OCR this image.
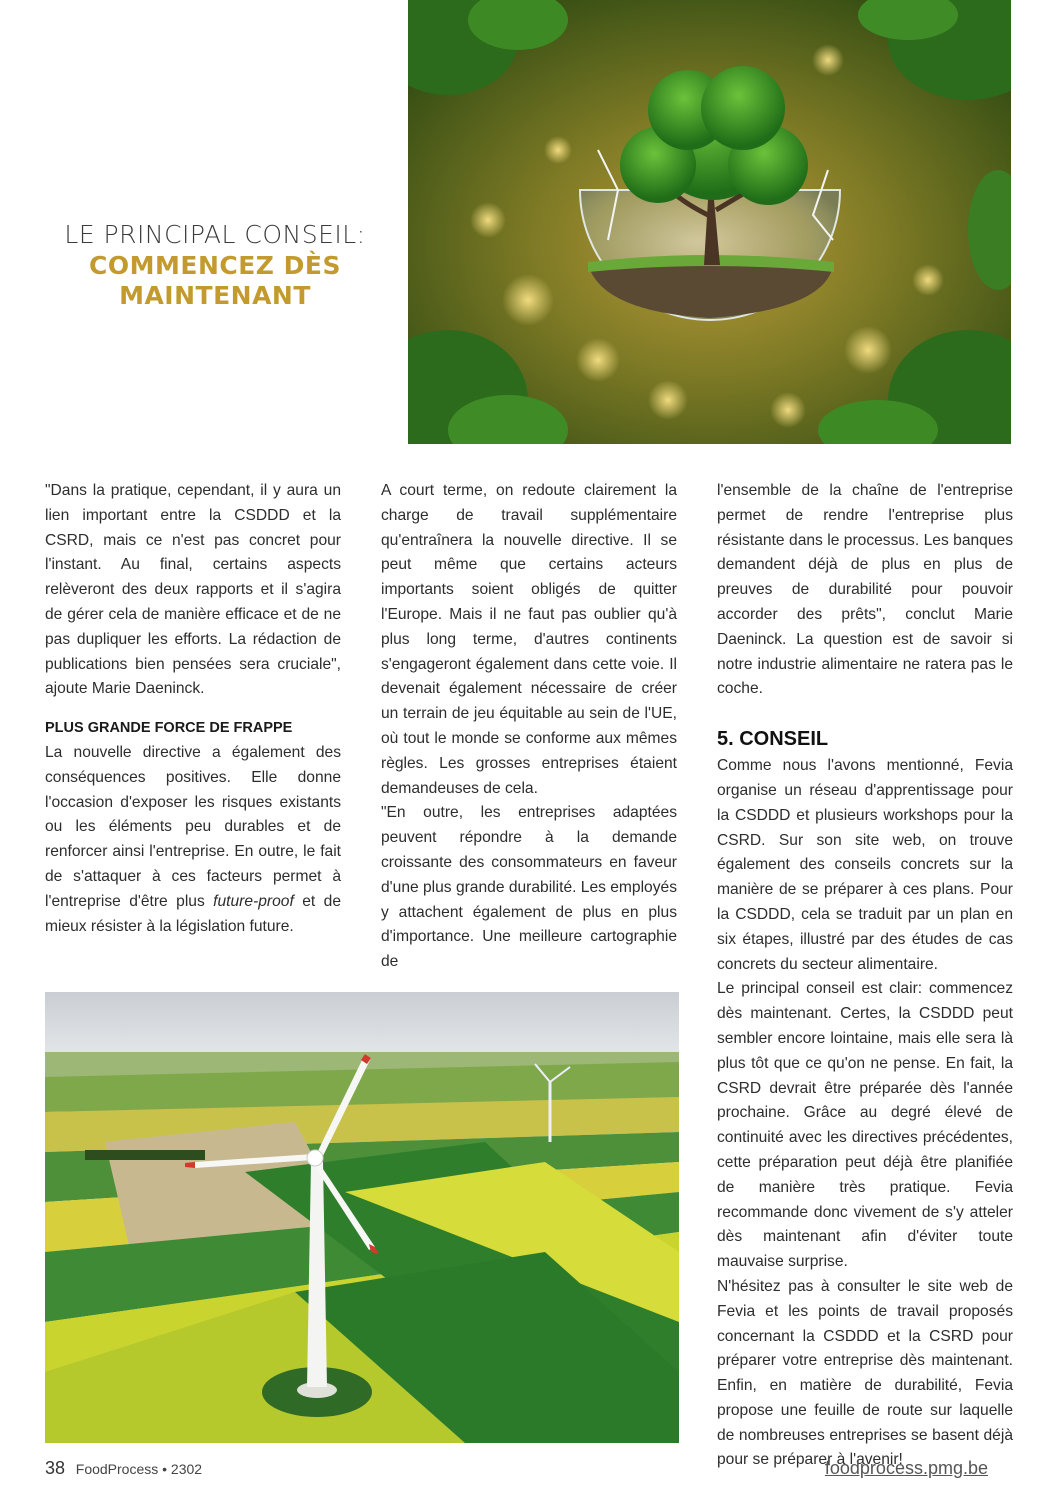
LE PRINCIPAL CONSEIL:
COMMENCEZ DÈS
MAINTENANT

"Dans la pratique, cependant, il y aura un lien important entre la CSDDD et la CSRD, mais ce n'est pas concret pour l'instant. Au final, certains aspects relèveront des deux rapports et il s'agira de gérer cela de manière efficace et de ne pas dupliquer les efforts. La rédaction de publications bien pensées sera cruciale", ajoute Marie Daeninck.

PLUS GRANDE FORCE DE FRAPPE

La nouvelle directive a également des conséquences positives. Elle donne l'occasion d'exposer les risques existants ou les éléments peu durables et de renforcer ainsi l'entreprise. En outre, le fait de s'attaquer à ces facteurs permet à l'entreprise d'être plus future-proof et de mieux résister à la législation future.

A court terme, on redoute clairement la charge de travail supplémentaire qu'entraînera la nouvelle directive. Il se peut même que certains acteurs importants soient obligés de quitter l'Europe. Mais il ne faut pas oublier qu'à plus long terme, d'autres continents s'engageront également dans cette voie. Il devenait également nécessaire de créer un terrain de jeu équitable au sein de l'UE, où tout le monde se conforme aux mêmes règles. Les grosses entreprises étaient demandeuses de cela.

"En outre, les entreprises adaptées peuvent répondre à la demande croissante des consommateurs en faveur d'une plus grande durabilité. Les employés y attachent également de plus en plus d'importance. Une meilleure cartographie de

l'ensemble de la chaîne de l'entreprise permet de rendre l'entreprise plus résistante dans le processus. Les banques demandent déjà de plus en plus de preuves de durabilité pour pouvoir accorder des prêts", conclut Marie Daeninck. La question est de savoir si notre industrie alimentaire ne ratera pas le coche.

5. CONSEIL

Comme nous l'avons mentionné, Fevia organise un réseau d'apprentissage pour la CSDDD et plusieurs workshops pour la CSRD. Sur son site web, on trouve également des conseils concrets sur la manière de se préparer à ces plans. Pour la CSDDD, cela se traduit par un plan en six étapes, illustré par des études de cas concrets du secteur alimentaire.

Le principal conseil est clair: commencez dès maintenant. Certes, la CSDDD peut sembler encore lointaine, mais elle sera là plus tôt que ce qu'on ne pense. En fait, la CSRD devrait être préparée dès l'année prochaine. Grâce au degré élevé de continuité avec les directives précédentes, cette préparation peut déjà être planifiée de manière très pratique. Fevia recommande donc vivement de s'y atteler dès maintenant afin d'éviter toute mauvaise surprise.

N'hésitez pas à consulter le site web de Fevia et les points de travail proposés concernant la CSDDD et la CSRD pour préparer votre entreprise dès maintenant. Enfin, en matière de durabilité, Fevia propose une feuille de route sur laquelle de nombreuses entreprises se basent déjà pour se préparer à l'avenir!

38 FoodProcess • 2302	foodprocess.pmg.be
